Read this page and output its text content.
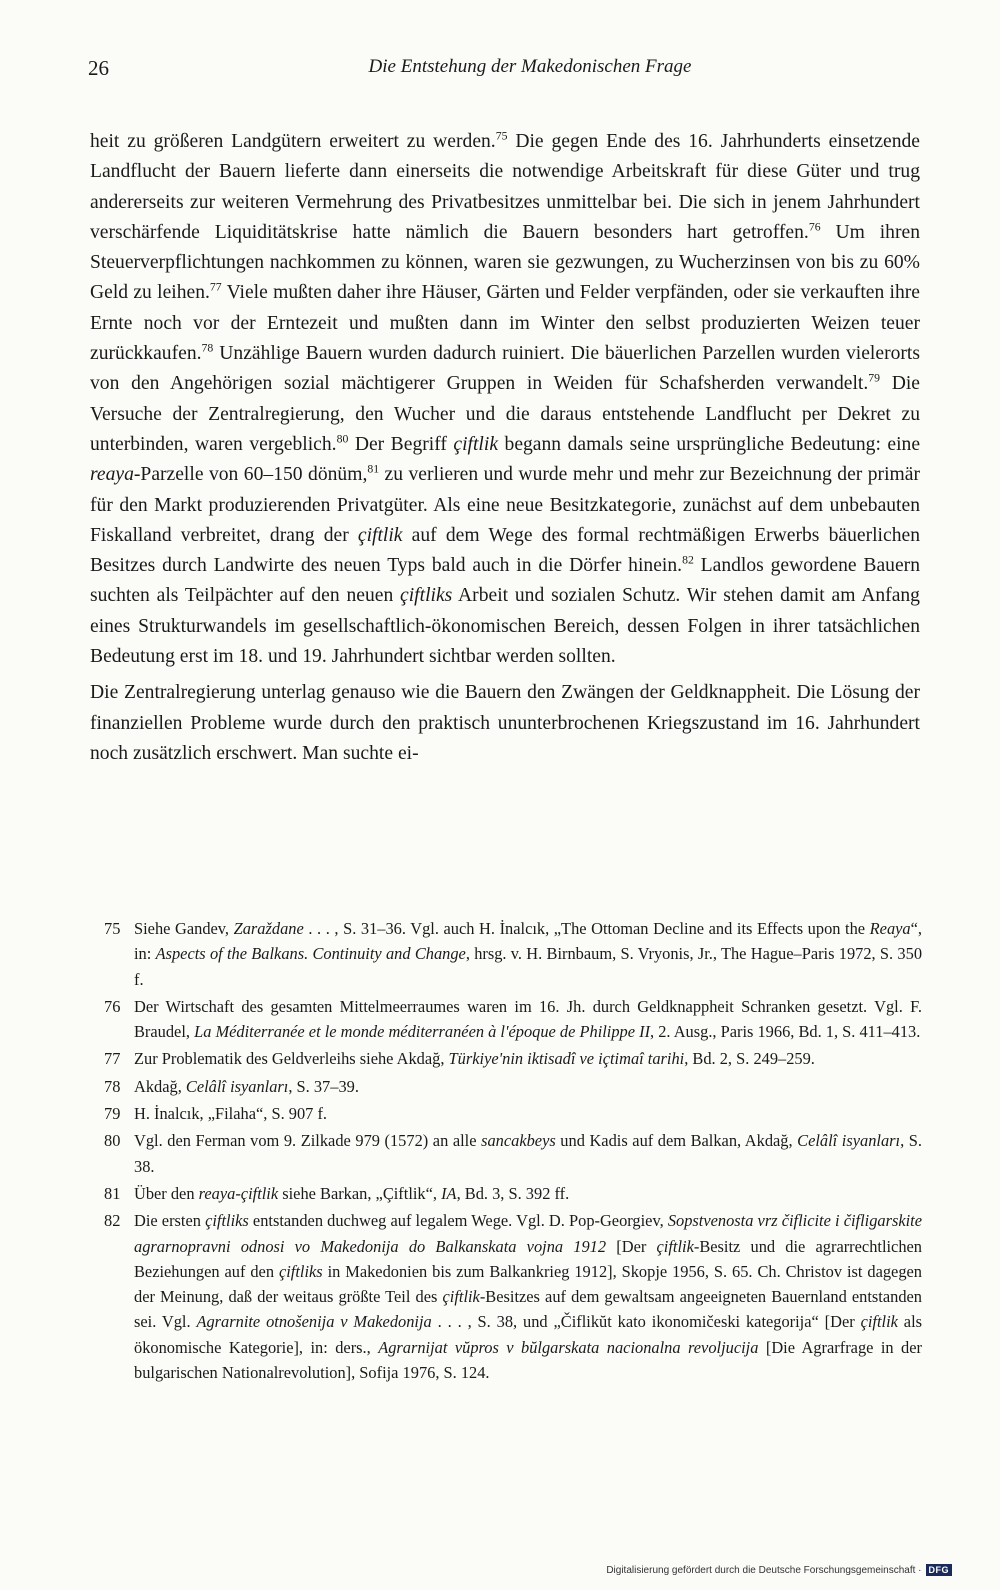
26	Die Entstehung der Makedonischen Frage

heit zu größeren Landgütern erweitert zu werden.$^{75}$ Die gegen Ende des 16. Jahrhunderts einsetzende Landflucht der Bauern lieferte dann einerseits die notwendige Arbeitskraft für diese Güter und trug andererseits zur weiteren Vermehrung des Privatbesitzes unmittelbar bei. Die sich in jenem Jahrhundert verschärfende Liquiditätskrise hatte nämlich die Bauern besonders hart getroffen.$^{76}$ Um ihren Steuerverpflichtungen nachkommen zu können, waren sie gezwungen, zu Wucherzinsen von bis zu 60% Geld zu leihen.$^{77}$ Viele mußten daher ihre Häuser, Gärten und Felder verpfänden, oder sie verkauften ihre Ernte noch vor der Erntezeit und mußten dann im Winter den selbst produzierten Weizen teuer zurückkaufen.$^{78}$ Unzählige Bauern wurden dadurch ruiniert. Die bäuerlichen Parzellen wurden vielerorts von den Angehörigen sozial mächtigerer Gruppen in Weiden für Schafsherden verwandelt.$^{79}$ Die Versuche der Zentralregierung, den Wucher und die daraus entstehende Landflucht per Dekret zu unterbinden, waren vergeblich.$^{80}$ Der Begriff çiftlik begann damals seine ursprüngliche Bedeutung: eine reaya-Parzelle von 60–150 dönüm,$^{81}$ zu verlieren und wurde mehr und mehr zur Bezeichnung der primär für den Markt produzierenden Privatgüter. Als eine neue Besitzkategorie, zunächst auf dem unbebauten Fiskalland verbreitet, drang der çiftlik auf dem Wege des formal rechtmäßigen Erwerbs bäuerlichen Besitzes durch Landwirte des neuen Typs bald auch in die Dörfer hinein.$^{82}$ Landlos gewordene Bauern suchten als Teilpächter auf den neuen çiftliks Arbeit und sozialen Schutz. Wir stehen damit am Anfang eines Strukturwandels im gesellschaftlich-ökonomischen Bereich, dessen Folgen in ihrer tatsächlichen Bedeutung erst im 18. und 19. Jahrhundert sichtbar werden sollten.

Die Zentralregierung unterlag genauso wie die Bauern den Zwängen der Geldknappheit. Die Lösung der finanziellen Probleme wurde durch den praktisch ununterbrochenen Kriegszustand im 16. Jahrhundert noch zusätzlich erschwert. Man suchte ei-

75 Siehe Gandev, Zaraždane . . . , S. 31–36. Vgl. auch H. İnalcık, „The Ottoman Decline and its Effects upon the Reaya“, in: Aspects of the Balkans. Continuity and Change, hrsg. v. H. Birnbaum, S. Vryonis, Jr., The Hague–Paris 1972, S. 350 f.
76 Der Wirtschaft des gesamten Mittelmeerraumes waren im 16. Jh. durch Geldknappheit Schranken gesetzt. Vgl. F. Braudel, La Méditerranée et le monde méditerranéen à l'époque de Philippe II, 2. Ausg., Paris 1966, Bd. 1, S. 411–413.
77 Zur Problematik des Geldverleihs siehe Akdağ, Türkiye'nin iktisadî ve içtimaî tarihi, Bd. 2, S. 249–259.
78 Akdağ, Celâlî isyanları, S. 37–39.
79 H. İnalcık, „Filaha“, S. 907 f.
80 Vgl. den Ferman vom 9. Zilkade 979 (1572) an alle sancakbeys und Kadis auf dem Balkan, Akdağ, Celâlî isyanları, S. 38.
81 Über den reaya-çiftlik siehe Barkan, „Çiftlik“, IA, Bd. 3, S. 392 ff.
82 Die ersten çiftliks entstanden duchweg auf legalem Wege. Vgl. D. Pop-Georgiev, Sopstvenosta vrz čiflicite i čifligarskite agrarnopravni odnosi vo Makedonija do Balkanskata vojna 1912 [Der çiftlik-Besitz und die agrarrechtlichen Beziehungen auf den çiftliks in Makedonien bis zum Balkankrieg 1912], Skopje 1956, S. 65. Ch. Christov ist dagegen der Meinung, daß der weitaus größte Teil des çiftlik-Besitzes auf dem gewaltsam angeeigneten Bauernland entstanden sei. Vgl. Agrarnite otnošenija v Makedonija . . . , S. 38, und „Čiflikŭt kato ikonomičeski kategorija“ [Der çiftlik als ökonomische Kategorie], in: ders., Agrarnijat vŭpros v bŭlgarskata nacionalna revoljucija [Die Agrarfrage in der bulgarischen Nationalrevolution], Sofija 1976, S. 124.
Digitalisierung gefördert durch die Deutsche Forschungsgemeinschaft · DFG
